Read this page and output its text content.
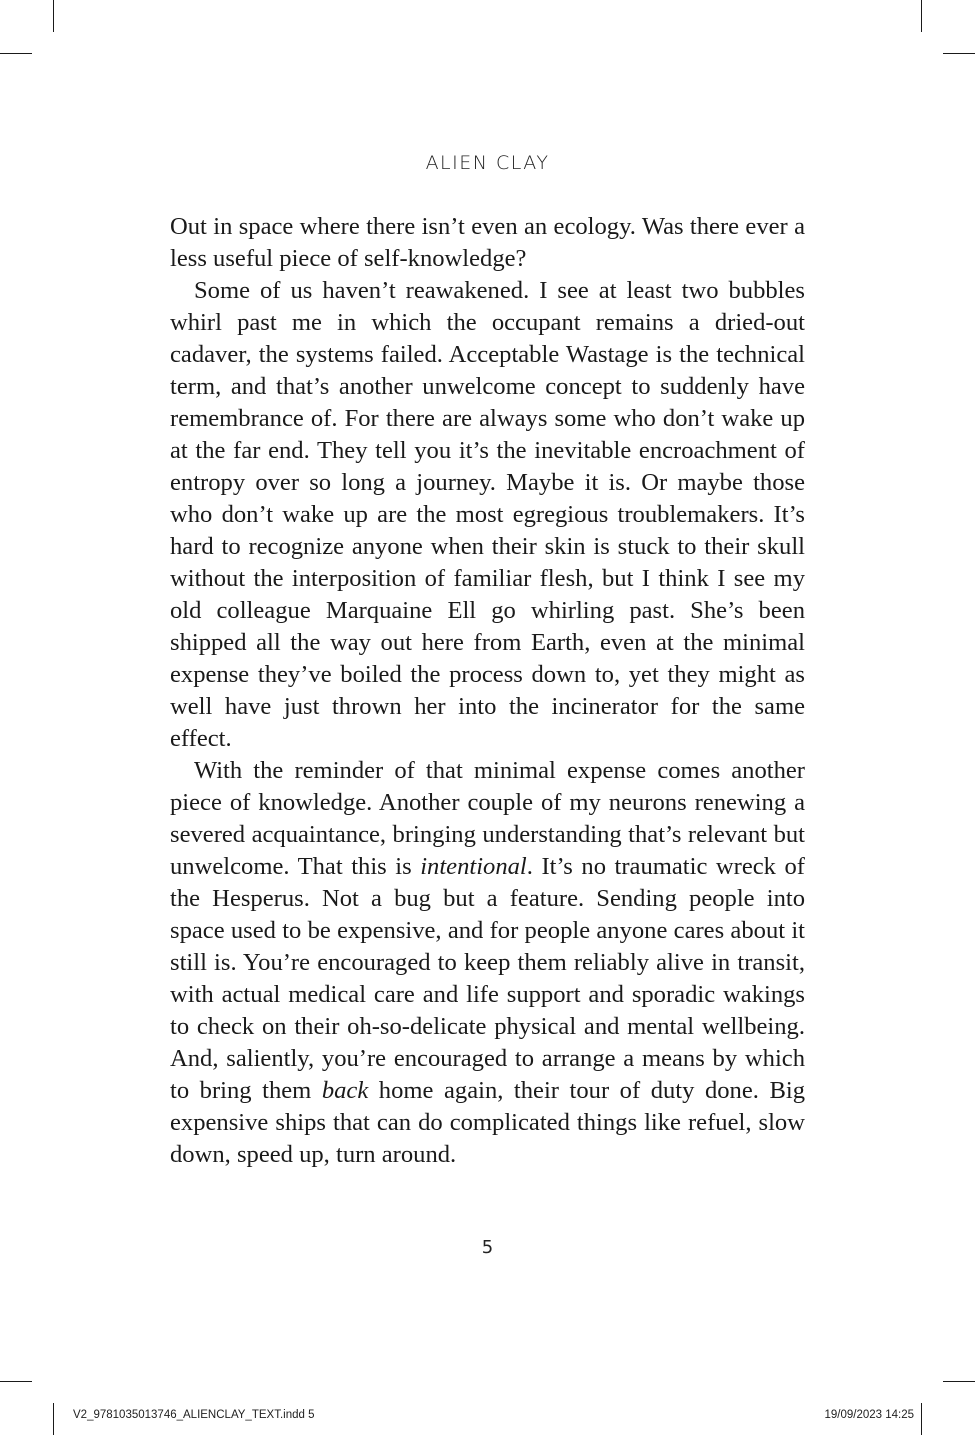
ALIEN CLAY

Out in space where there isn’t even an ecology. Was there ever a less useful piece of self-knowledge?

Some of us haven’t reawakened. I see at least two bubbles whirl past me in which the occupant remains a dried-out cadaver, the systems failed. Acceptable Wastage is the technical term, and that’s another unwelcome concept to suddenly have remembrance of. For there are always some who don’t wake up at the far end. They tell you it’s the inevitable encroachment of entropy over so long a journey. Maybe it is. Or maybe those who don’t wake up are the most egregious troublemakers. It’s hard to recognize anyone when their skin is stuck to their skull without the interposition of familiar flesh, but I think I see my old colleague Marquaine Ell go whirling past. She’s been shipped all the way out here from Earth, even at the minimal expense they’ve boiled the process down to, yet they might as well have just thrown her into the incinerator for the same effect.

With the reminder of that minimal expense comes another piece of knowledge. Another couple of my neurons renewing a severed acquaintance, bringing understanding that’s relevant but unwelcome. That this is intentional. It’s no traumatic wreck of the Hesperus. Not a bug but a feature. Sending people into space used to be expensive, and for people anyone cares about it still is. You’re encouraged to keep them reliably alive in transit, with actual medical care and life support and sporadic wakings to check on their oh-so-delicate physical and mental wellbeing. And, saliently, you’re encouraged to arrange a means by which to bring them back home again, their tour of duty done. Big expensive ships that can do complicated things like refuel, slow down, speed up, turn around.

5
V2_9781035013746_ALIENCLAY_TEXT.indd 5	19/09/2023 14:25
